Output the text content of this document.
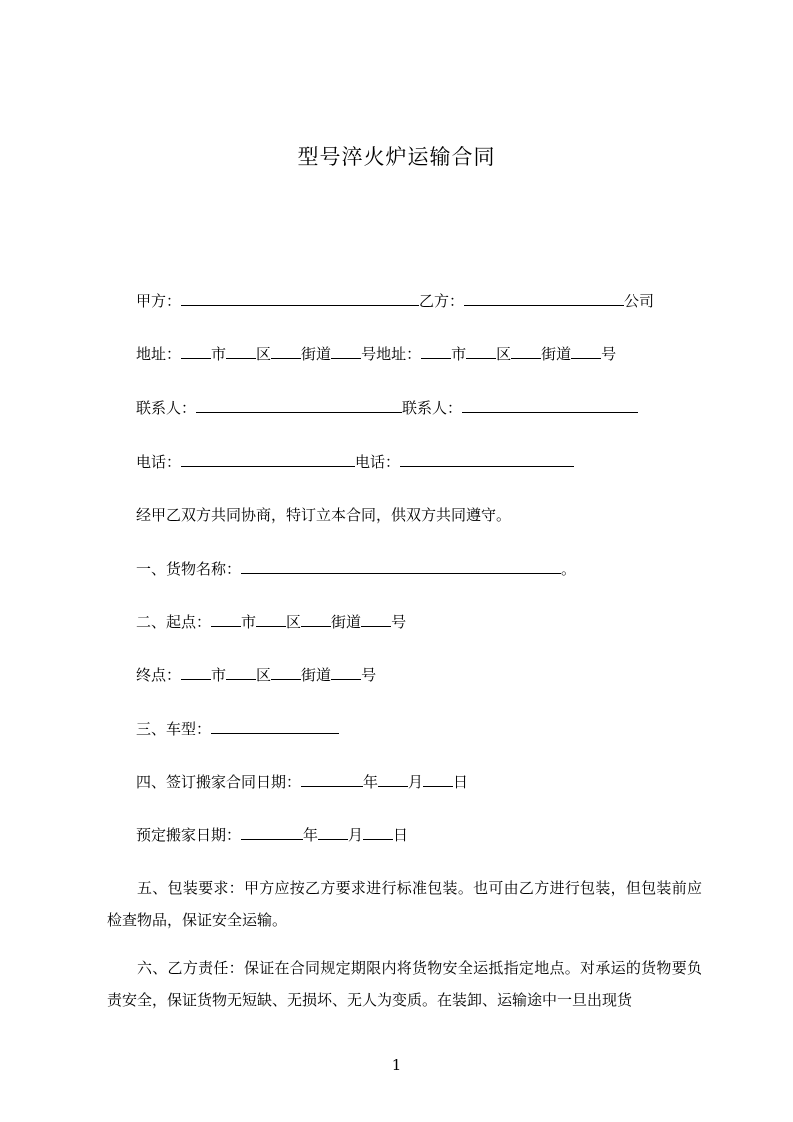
型号淬火炉运输合同
甲方：	乙方：	公司
地址： 市 区 街道 号地址： 市 区 街道 号
联系人：	联系人：
电话：	电话：
经甲乙双方共同协商，特订立本合同，供双方共同遵守。
一、货物名称：	。
二、起点： 市 区 街道 号
终点： 市 区 街道 号
三、车型：
四、签订搬家合同日期：	年 月 日
预定搬家日期：	年 月 日
五、包装要求：甲方应按乙方要求进行标准包装。也可由乙方进行包装，但包装前应检查物品，保证安全运输。
六、乙方责任：保证在合同规定期限内将货物安全运抵指定地点。对承运的货物要负责安全，保证货物无短缺、无损坏、无人为变质。在装卸、运输途中一旦出现货
1
